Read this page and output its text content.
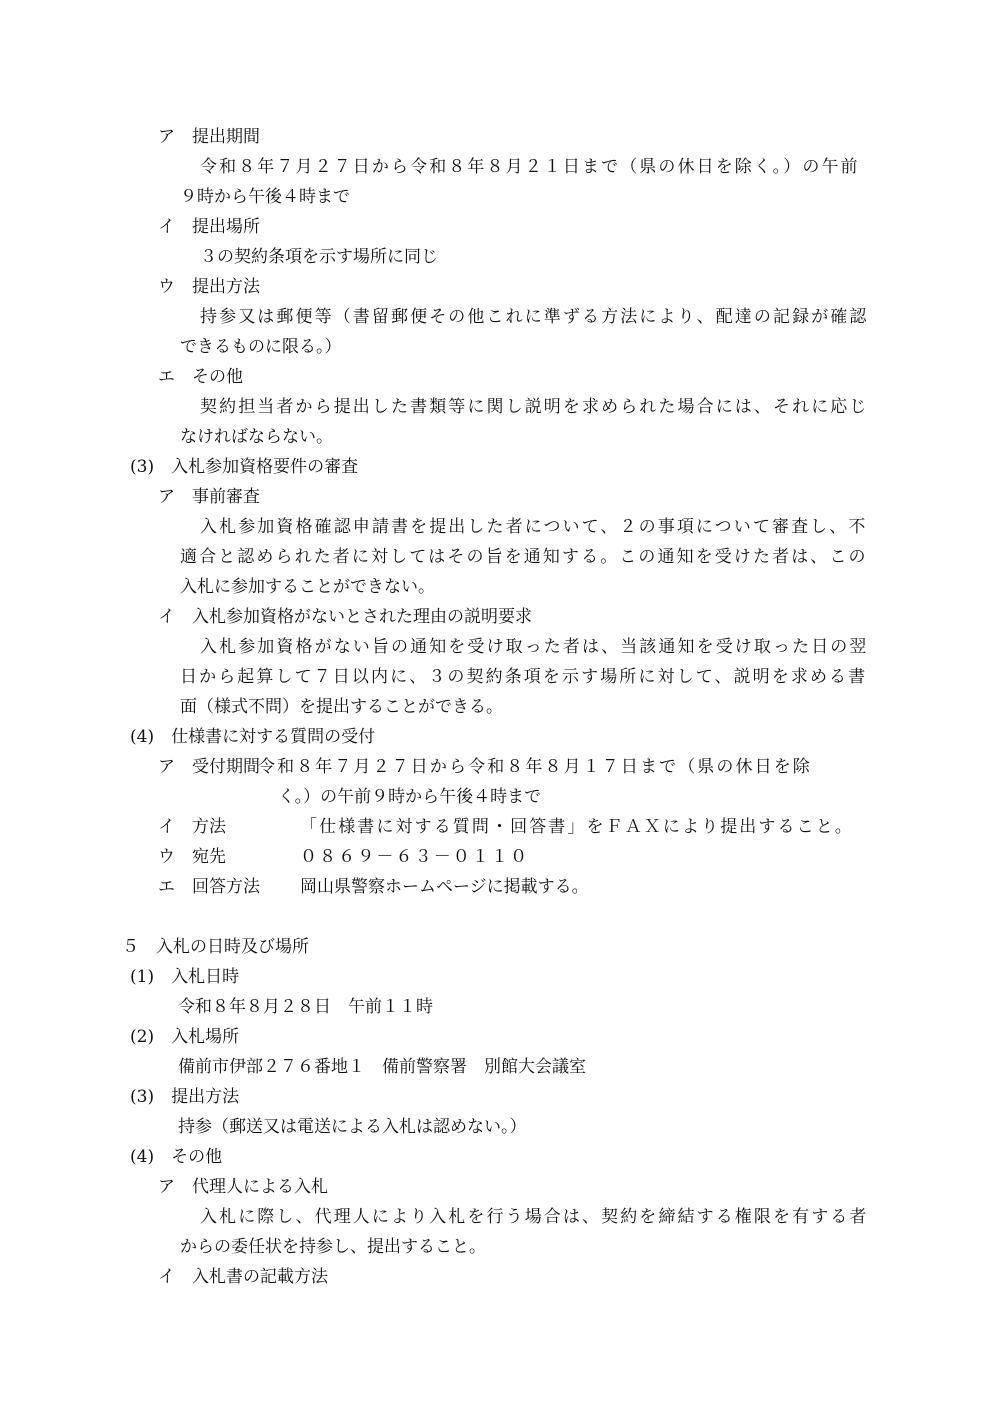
ア　提出期間
令和８年７月２７日から令和８年８月２１日まで（県の休日を除く。）の午前
９時から午後４時まで
イ　提出場所
３の契約条項を示す場所に同じ
ウ　提出方法
持参又は郵便等（書留郵便その他これに準ずる方法により、配達の記録が確認
できるものに限る。）
エ　その他
契約担当者から提出した書類等に関し説明を求められた場合には、それに応じ
なければならない。
(3)　入札参加資格要件の審査
ア　事前審査
入札参加資格確認申請書を提出した者について、２の事項について審査し、不
適合と認められた者に対してはその旨を通知する。この通知を受けた者は、この
入札に参加することができない。
イ　入札参加資格がないとされた理由の説明要求
入札参加資格がない旨の通知を受け取った者は、当該通知を受け取った日の翌
日から起算して７日以内に、３の契約条項を示す場所に対して、説明を求める書
面（様式不問）を提出することができる。
(4)　仕様書に対する質問の受付
ア　受付期間
令和８年７月２７日から令和８年８月１７日まで（県の休日を除
く。）の午前９時から午後４時まで
イ　方法	「仕様書に対する質問・回答書」をＦＡＸにより提出すること。
ウ　宛先	０８６９－６３－０１１０
エ　回答方法 岡山県警察ホームページに掲載する。
５　入札の日時及び場所
(1)　入札日時
令和８年８月２８日　午前１１時
(2)　入札場所
備前市伊部２７６番地１　備前警察署　別館大会議室
(3)　提出方法
持参（郵送又は電送による入札は認めない。）
(4)　その他
ア　代理人による入札
入札に際し、代理人により入札を行う場合は、契約を締結する権限を有する者
からの委任状を持参し、提出すること。
イ　入札書の記載方法
